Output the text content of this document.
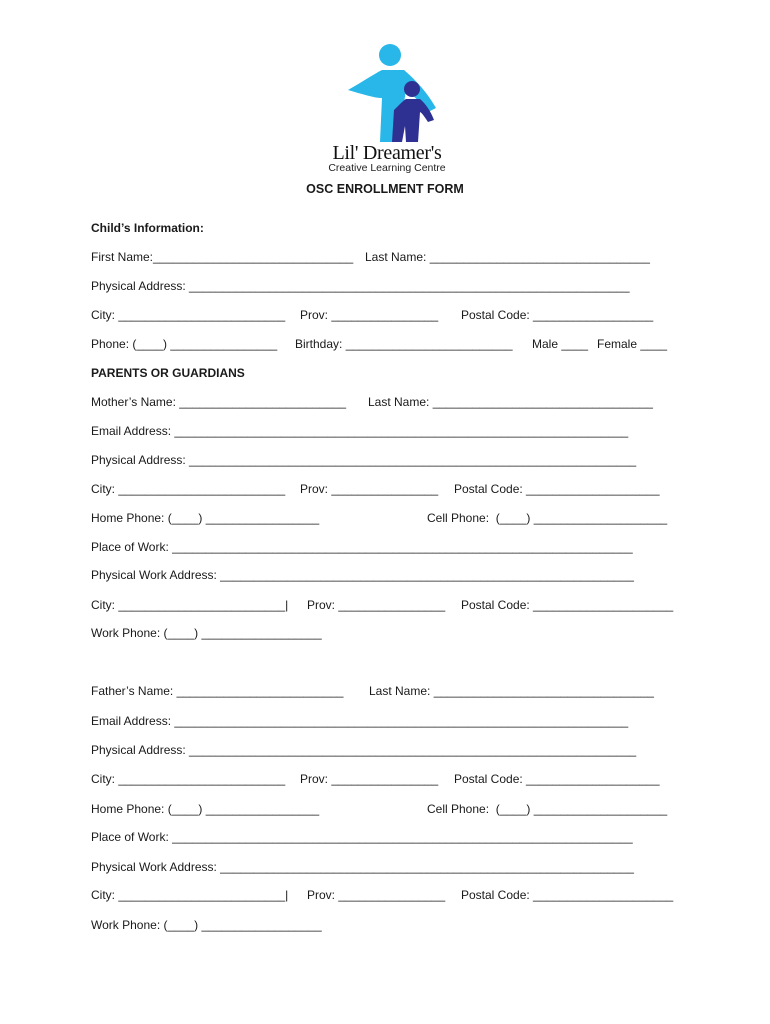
Lil' Dreamer's
Creative Learning Centre
OSC ENROLLMENT FORM
Child’s Information:
First Name:______________________________ Last Name: _________________________________
Physical Address: __________________________________________________________________
City: _________________________ Prov: ________________ Postal Code: __________________
Phone: (____) ________________ Birthday: _________________________ Male ____ Female ____
PARENTS OR GUARDIANS
Mother’s Name: _________________________ Last Name: _________________________________
Email Address: ____________________________________________________________________
Physical Address: ___________________________________________________________________
City: _________________________ Prov: ________________ Postal Code: ____________________
Home Phone: (____) _________________	Cell Phone:  (____) ____________________
Place of Work: _____________________________________________________________________
Physical Work Address: ______________________________________________________________
City: _________________________| Prov: ________________ Postal Code: _____________________
Work Phone: (____) __________________
Father’s Name: _________________________ Last Name: _________________________________
Email Address: ____________________________________________________________________
Physical Address: ___________________________________________________________________
City: _________________________ Prov: ________________ Postal Code: ____________________
Home Phone: (____) _________________	Cell Phone:  (____) ____________________
Place of Work: _____________________________________________________________________
Physical Work Address: ______________________________________________________________
City: _________________________| Prov: ________________ Postal Code: _____________________
Work Phone: (____) __________________
